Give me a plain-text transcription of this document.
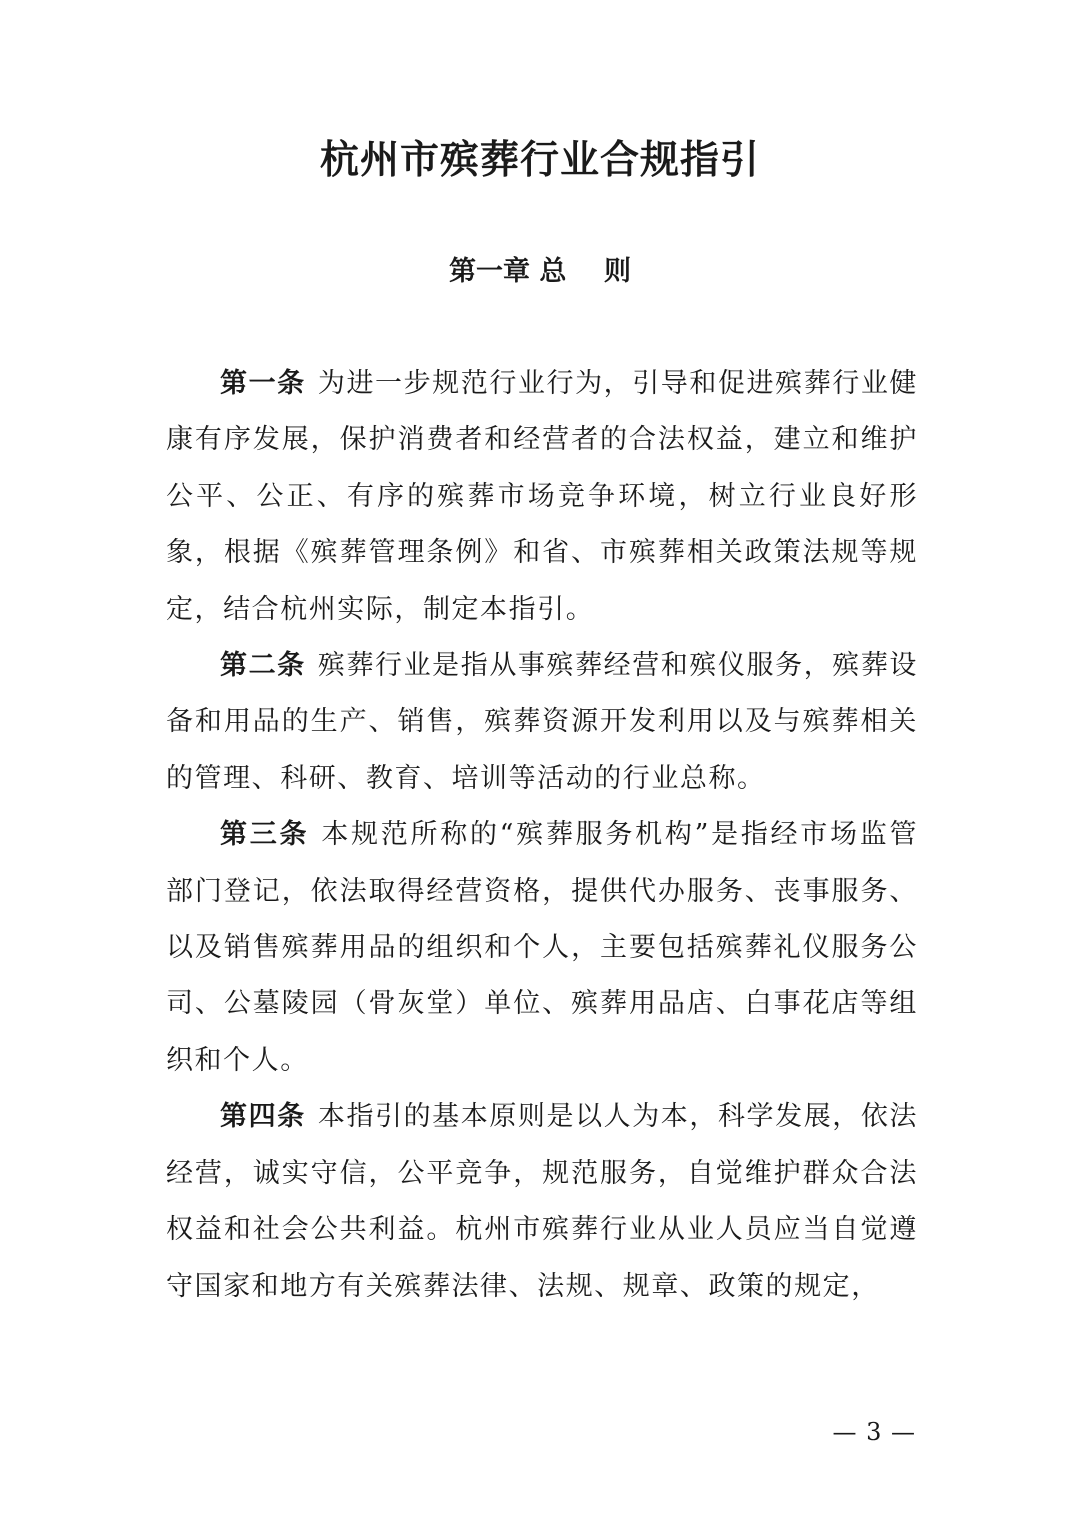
杭州市殡葬行业合规指引
第一章 总    则

第一条 为进一步规范行业行为，引导和促进殡葬行业健康有序发展，保护消费者和经营者的合法权益，建立和维护公平、公正、有序的殡葬市场竞争环境，树立行业良好形象，根据《殡葬管理条例》和省、市殡葬相关政策法规等规定，结合杭州实际，制定本指引。

第二条 殡葬行业是指从事殡葬经营和殡仪服务，殡葬设备和用品的生产、销售，殡葬资源开发利用以及与殡葬相关的管理、科研、教育、培训等活动的行业总称。

第三条 本规范所称的“殡葬服务机构”是指经市场监管部门登记，依法取得经营资格，提供代办服务、丧事服务、以及销售殡葬用品的组织和个人，主要包括殡葬礼仪服务公司、公墓陵园（骨灰堂）单位、殡葬用品店、白事花店等组织和个人。

第四条 本指引的基本原则是以人为本，科学发展，依法经营，诚实守信，公平竞争，规范服务，自觉维护群众合法权益和社会公共利益。杭州市殡葬行业从业人员应当自觉遵守国家和地方有关殡葬法律、法规、规章、政策的规定，

— 3 —
